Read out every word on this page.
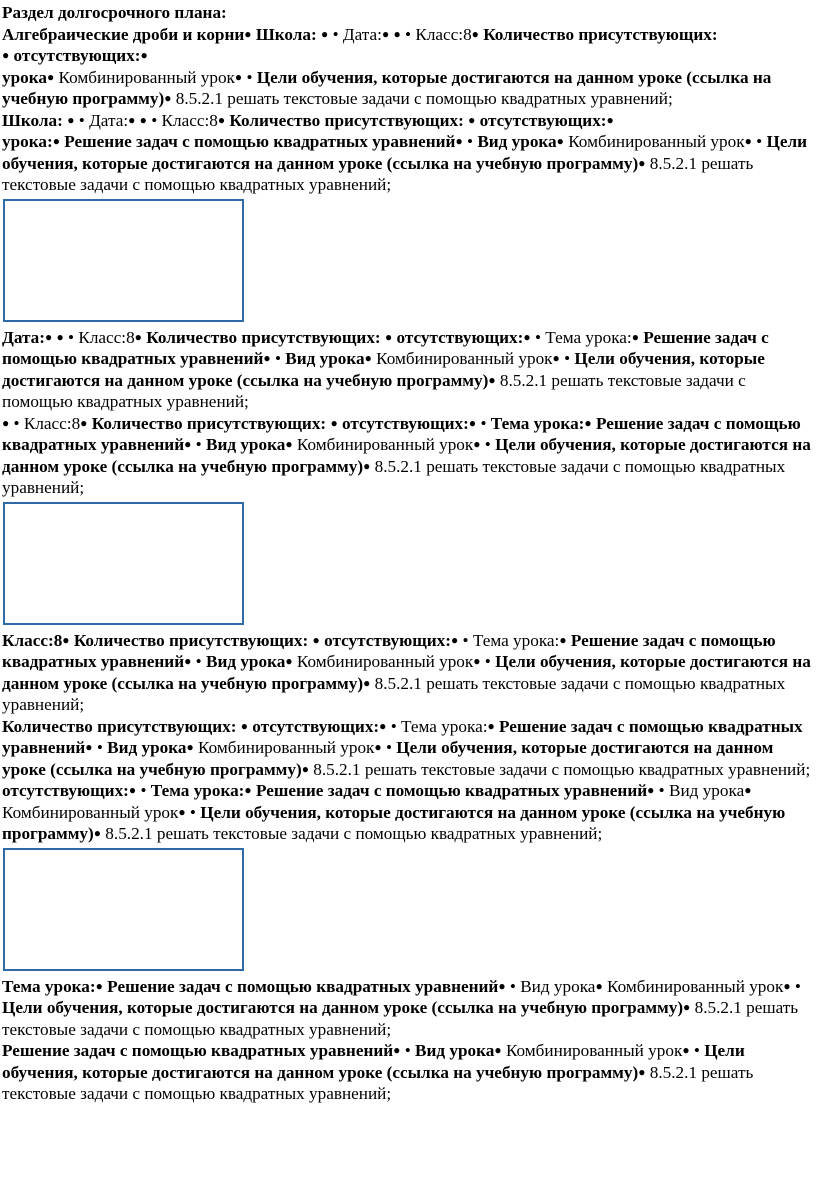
Раздел долгосрочного плана:
Алгебраические дроби и корни● Школа: ● • Дата:● ● • Класс:8● Количество присутствующих:
● отсутствующих:●
урока● Комбинированный урок● • Цели обучения, которые достигаются на данном уроке (ссылка на учебную программу)● 8.5.2.1 решать текстовые задачи с помощью квадратных уравнений;

Школа: ● • Дата:● ● • Класс:8● Количество присутствующих: ● отсутствующих:●
урока:● Решение задач с помощью квадратных уравнений● • Вид урока● Комбинированный урок● • Цели обучения, которые достигаются на данном уроке (ссылка на учебную программу)● 8.5.2.1 решать текстовые задачи с помощью квадратных уравнений;

Дата:● ● • Класс:8● Количество присутствующих: ● отсутствующих:● • Тема урока:● Решение задач с помощью квадратных уравнений● • Вид урока● Комбинированный урок● • Цели обучения, которые достигаются на данном уроке (ссылка на учебную программу)● 8.5.2.1 решать текстовые задачи с помощью квадратных уравнений;

● • Класс:8● Количество присутствующих: ● отсутствующих:● • Тема урока:● Решение задач с помощью квадратных уравнений● • Вид урока● Комбинированный урок● • Цели обучения, которые достигаются на данном уроке (ссылка на учебную программу)● 8.5.2.1 решать текстовые задачи с помощью квадратных уравнений;

Класс:8● Количество присутствующих: ● отсутствующих:● • Тема урока:● Решение задач с помощью квадратных уравнений● • Вид урока● Комбинированный урок● • Цели обучения, которые достигаются на данном уроке (ссылка на учебную программу)● 8.5.2.1 решать текстовые задачи с помощью квадратных уравнений;

Количество присутствующих: ● отсутствующих:● • Тема урока:● Решение задач с помощью квадратных уравнений● • Вид урока● Комбинированный урок● • Цели обучения, которые достигаются на данном уроке (ссылка на учебную программу)● 8.5.2.1 решать текстовые задачи с помощью квадратных уравнений;

отсутствующих:● • Тема урока:● Решение задач с помощью квадратных уравнений● • Вид урока● Комбинированный урок● • Цели обучения, которые достигаются на данном уроке (ссылка на учебную программу)● 8.5.2.1 решать текстовые задачи с помощью квадратных уравнений;

Тема урока:● Решение задач с помощью квадратных уравнений● • Вид урока● Комбинированный урок● • Цели обучения, которые достигаются на данном уроке (ссылка на учебную программу)● 8.5.2.1 решать текстовые задачи с помощью квадратных уравнений;

Решение задач с помощью квадратных уравнений● • Вид урока● Комбинированный урок● • Цели обучения, которые достигаются на данном уроке (ссылка на учебную программу)● 8.5.2.1 решать текстовые задачи с помощью квадратных уравнений;
